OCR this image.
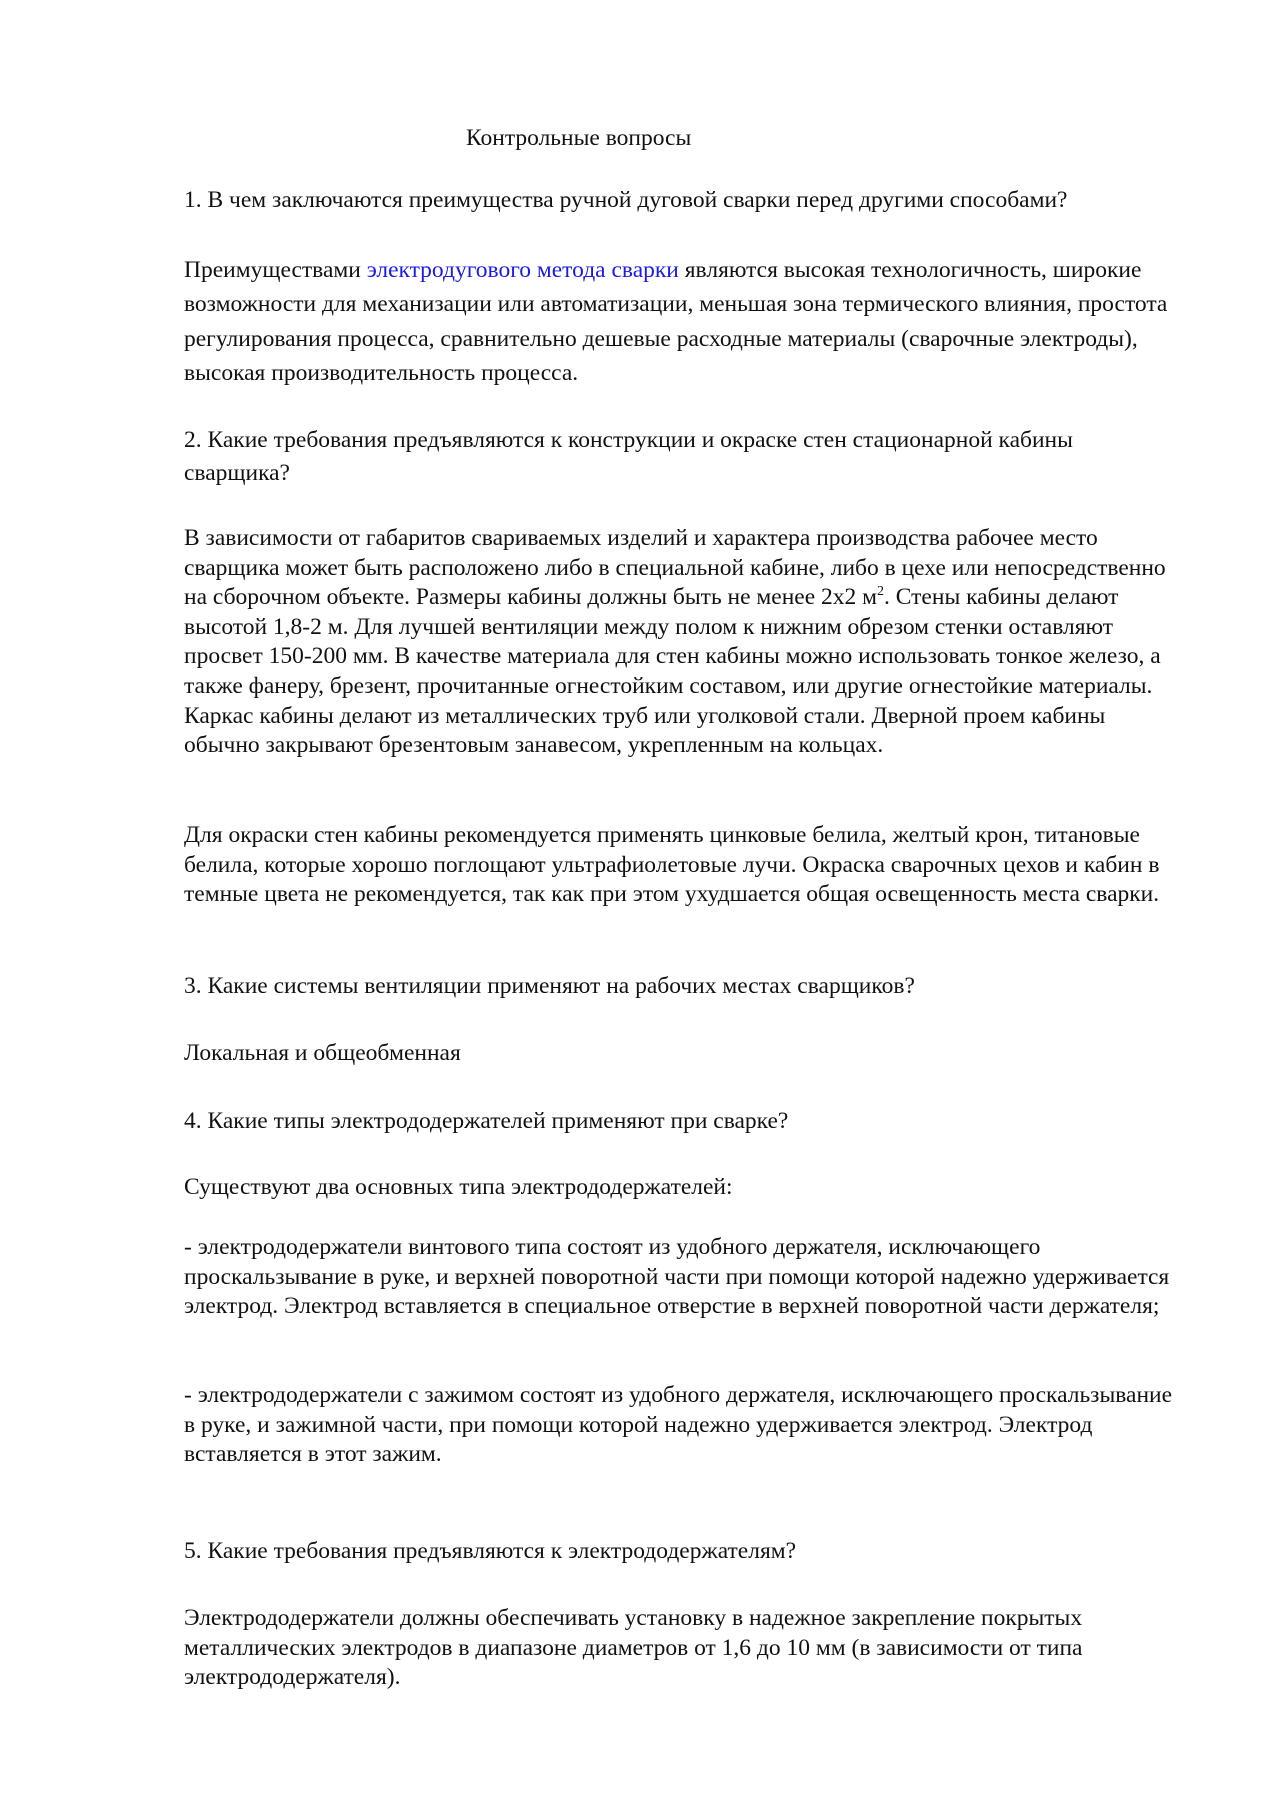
Контрольные вопросы

1. В чем заключаются преимущества ручной дуговой сварки перед другими способами?

Преимуществами электродугового метода сварки являются высокая технологичность, широкие возможности для механизации или автоматизации, меньшая зона термического влияния, простота регулирования процесса, сравнительно дешевые расходные материалы (сварочные электроды), высокая производительность процесса.

2. Какие требования предъявляются к конструкции и окраске стен стационарной кабины сварщика?

В зависимости от габаритов свариваемых изделий и характера производства рабочее место сварщика может быть расположено либо в специальной кабине, либо в цехе или непосредственно на сборочном объекте. Размеры кабины должны быть не менее 2х2 $м^2$. Стены кабины делают высотой 1,8-2 м. Для лучшей вентиляции между полом к нижним обрезом стенки оставляют просвет 150-200 мм. В качестве материала для стен кабины можно использовать тонкое железо, а также фанеру, брезент, прочитанные огнестойким составом, или другие огнестойкие материалы. Каркас кабины делают из металлических труб или уголковой стали. Дверной проем кабины обычно закрывают брезентовым занавесом, укрепленным на кольцах.

Для окраски стен кабины рекомендуется применять цинковые белила, желтый крон, титановые белила, которые хорошо поглощают ультрафиолетовые лучи. Окраска сварочных цехов и кабин в темные цвета не рекомендуется, так как при этом ухудшается общая освещенность места сварки.

3. Какие системы вентиляции применяют на рабочих местах сварщиков?

Локальная и общеобменная

4. Какие типы электрододержателей применяют при сварке?

Существуют два основных типа электрододержателей:

- электрододержатели винтового типа состоят из удобного держателя, исключающего проскальзывание в руке, и верхней поворотной части при помощи которой надежно удерживается электрод. Электрод вставляется в специальное отверстие в верхней поворотной части держателя;

- электрододержатели с зажимом состоят из удобного держателя, исключающего проскальзывание в руке, и зажимной части, при помощи которой надежно удерживается электрод. Электрод вставляется в этот зажим.

5. Какие требования предъявляются к электрододержателям?

Электрододержатели должны обеспечивать установку в надежное закрепление покрытых металлических электродов в диапазоне диаметров от 1,6 до 10 мм (в зависимости от типа электрододержателя).
